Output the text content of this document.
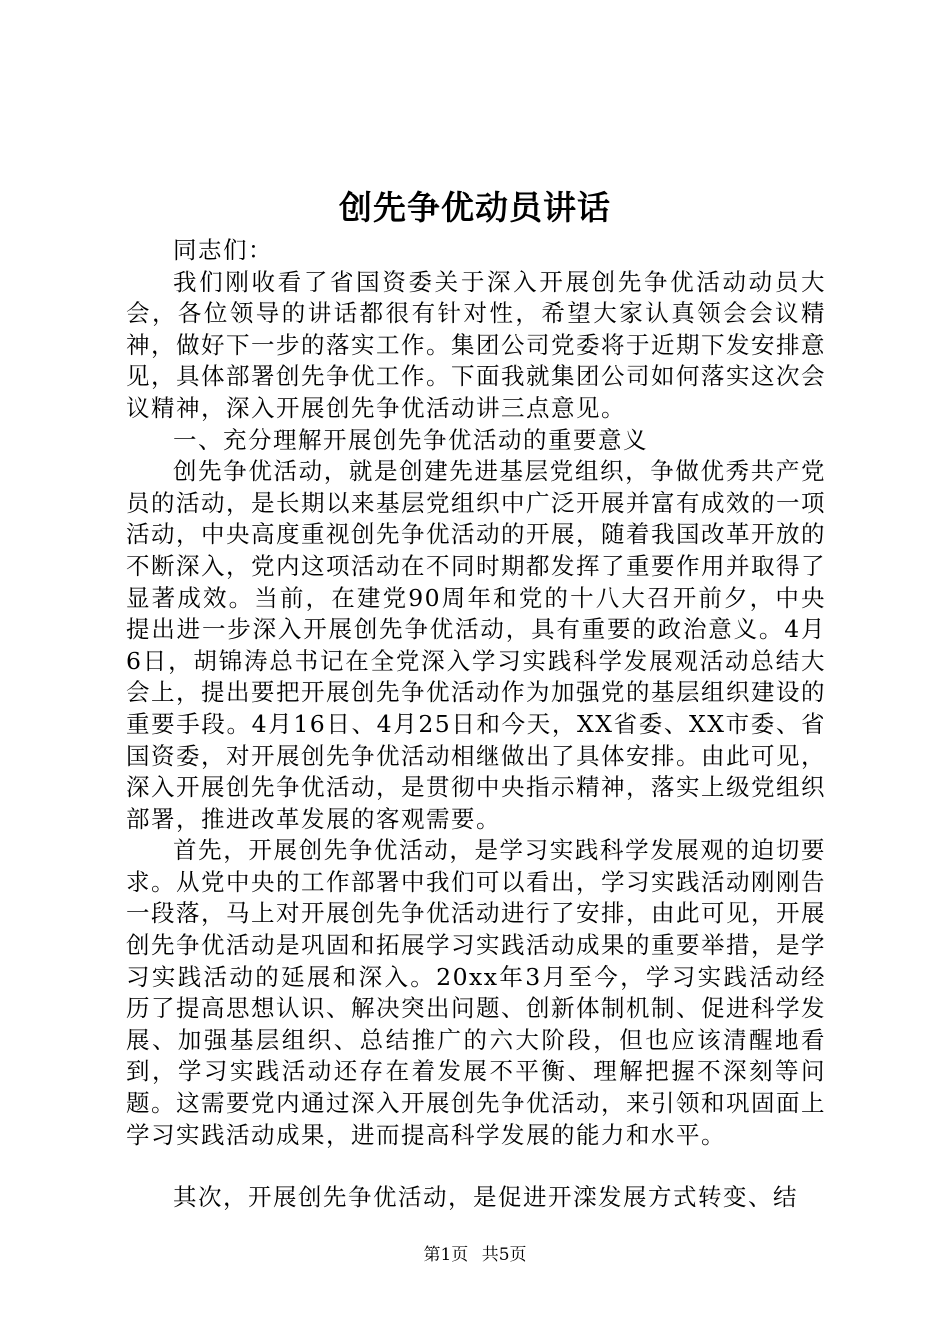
创先争优动员讲话

同志们：

我们刚收看了省国资委关于深入开展创先争优活动动员大会，各位领导的讲话都很有针对性，希望大家认真领会会议精神，做好下一步的落实工作。集团公司党委将于近期下发安排意见，具体部署创先争优工作。下面我就集团公司如何落实这次会议精神，深入开展创先争优活动讲三点意见。

一、充分理解开展创先争优活动的重要意义

创先争优活动，就是创建先进基层党组织，争做优秀共产党员的活动，是长期以来基层党组织中广泛开展并富有成效的一项活动，中央高度重视创先争优活动的开展，随着我国改革开放的不断深入，党内这项活动在不同时期都发挥了重要作用并取得了显著成效。当前，在建党90周年和党的十八大召开前夕，中央提出进一步深入开展创先争优活动，具有重要的政治意义。4月6日，胡锦涛总书记在全党深入学习实践科学发展观活动总结大会上，提出要把开展创先争优活动作为加强党的基层组织建设的重要手段。4月16日、4月25日和今天，XX省委、XX市委、省国资委，对开展创先争优活动相继做出了具体安排。由此可见，深入开展创先争优活动，是贯彻中央指示精神，落实上级党组织部署，推进改革发展的客观需要。

首先，开展创先争优活动，是学习实践科学发展观的迫切要求。从党中央的工作部署中我们可以看出，学习实践活动刚刚告一段落，马上对开展创先争优活动进行了安排，由此可见，开展创先争优活动是巩固和拓展学习实践活动成果的重要举措，是学习实践活动的延展和深入。20xx年3月至今，学习实践活动经历了提高思想认识、解决突出问题、创新体制机制、促进科学发展、加强基层组织、总结推广的六大阶段，但也应该清醒地看到，学习实践活动还存在着发展不平衡、理解把握不深刻等问题。这需要党内通过深入开展创先争优活动，来引领和巩固面上学习实践活动成果，进而提高科学发展的能力和水平。

其次，开展创先争优活动，是促进开滦发展方式转变、结

第1页 共5页
